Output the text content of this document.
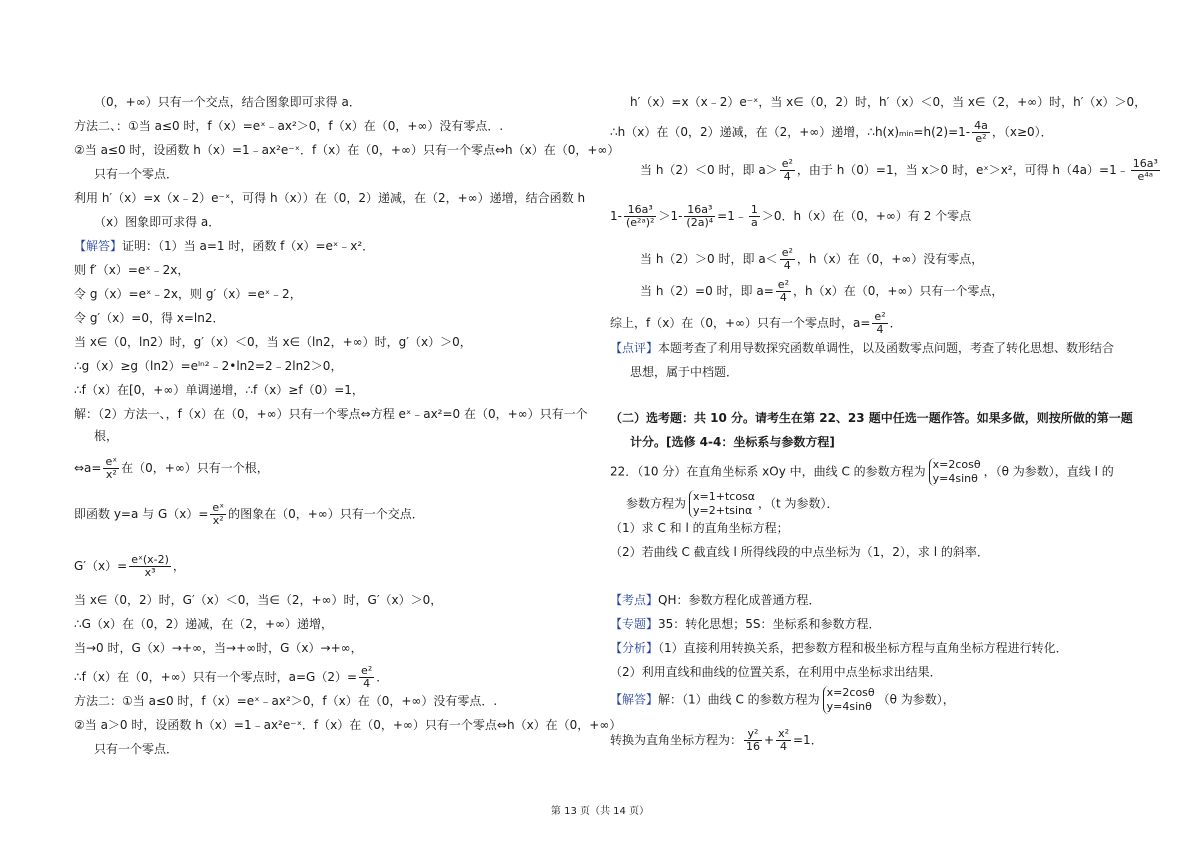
（0，+∞）只有一个交点，结合图象即可求得 a．
方法二、：①当 a≤0 时，f（x）=eˣ﹣ax²＞0，f（x）在（0，+∞）没有零点．.
②当 a≤0 时，设函数 h（x）=1﹣ax²e⁻ˣ．f（x）在（0，+∞）只有一个零点⇔h（x）在（0，+∞）
只有一个零点．
利用 h′（x）=x（x﹣2）e⁻ˣ，可得 h（x））在（0，2）递减，在（2，+∞）递增，结合函数 h
（x）图象即可求得 a．
【解答】证明：（1）当 a=1 时，函数 f（x）=eˣ﹣x²．
则 f′（x）=eˣ﹣2x，
令 g（x）=eˣ﹣2x，则 g′（x）=eˣ﹣2，
令 g′（x）=0，得 x=ln2．
当 x∈（0，ln2）时，g′（x）＜0，当 x∈（ln2，+∞）时，g′（x）＞0，
∴g（x）≥g（ln2）=eˡⁿ²﹣2•ln2=2﹣2ln2＞0，
∴f（x）在[0，+∞）单调递增，∴f（x）≥f（0）=1，
解：（2）方法一、，f（x）在（0，+∞）只有一个零点⇔方程 eˣ﹣ax²=0 在（0，+∞）只有一个
根，
⇔a= $\frac{\text{eˣ}}{\text{x²}}$ 在（0，+∞）只有一个根，
即函数 y=a 与 $G(x)= \frac{\text{eˣ}}{\text{x²}}$ 的图象在（0，+∞）只有一个交点．
$G'(x)= \frac{\text{eˣ(x-2)}}{\text{x³}}$ ，
当 x∈（0，2）时，G′（x）＜0，当∈（2，+∞）时，G′（x）＞0，
∴G（x）在（0，2）递减，在（2，+∞）递增，
当→0 时，G（x）→+∞，当→+∞时，G（x）→+∞，
∴f（x）在（0，+∞）只有一个零点时，$a=G(2)= \frac{\text{e²}}{4}$ ．
方法二：①当 a≤0 时，f（x）=eˣ﹣ax²＞0，f（x）在（0，+∞）没有零点．.
②当 a＞0 时，设函数 h（x）=1﹣ax²e⁻ˣ．f（x）在（0，+∞）只有一个零点⇔h（x）在（0，+∞）
只有一个零点．
h′（x）=x（x﹣2）e⁻ˣ，当 x∈（0，2）时，h′（x）＜0，当 x∈（2，+∞）时，h′（x）＞0，
∴h（x）在（0，2）递减，在（2，+∞）递增，∴h(x)ₘᵢₙ=h(2)=1- $\frac{4a}{\text{e²}}$ ，（x≥0）．
当 h（2）＜0 时，即 $a> \frac{\text{e²}}{4}$ ，由于 h（0）=1，当 x＞0 时，eˣ＞x²，可得 h（4a）=1﹣ $\frac{\text{16a³}}{\text{e⁴ᵃ}}$
$1- \frac{\text{16a³}}{\text{(e²ᵃ)²}} >1- \frac{\text{16a³}}{\text{(2a)⁴}}$ =1﹣ $\frac{1}{a} >0$．h（x）在（0，+∞）有 2 个零点
当 h（2）＞0 时，即 $a< \frac{\text{e²}}{4}$ ，h（x）在（0，+∞）没有零点，
当 h（2）=0 时，即 $a= \frac{\text{e²}}{4}$ ，h（x）在（0，+∞）只有一个零点，
综上，f（x）在（0，+∞）只有一个零点时，$a= \frac{\text{e²}}{4}$ ．
【点评】本题考查了利用导数探究函数单调性，以及函数零点问题，考查了转化思想、数形结合
思想，属于中档题．
（二）选考题：共 10 分。请考生在第 22、23 题中任选一题作答。如果多做，则按所做的第一题
计分。[选修 4-4：坐标系与参数方程]
22．（10 分）在直角坐标系 xOy 中，曲线 C 的参数方程为 x=2cosθ
y=4sinθ ，（θ 为参数），直线 l 的
参数方程为 x=1+tcosα
y=2+tsinα ，（t 为参数）．
（1）求 C 和 l 的直角坐标方程；
（2）若曲线 C 截直线 l 所得线段的中点坐标为（1，2），求 l 的斜率．
【考点】QH：参数方程化成普通方程．
【专题】35：转化思想；5S：坐标系和参数方程．
【分析】（1）直接利用转换关系，把参数方程和极坐标方程与直角坐标方程进行转化．
（2）利用直线和曲线的位置关系，在利用中点坐标求出结果．
【解答】解：（1）曲线 C 的参数方程为 x=2cosθ
y=4sinθ （θ 为参数），
转换为直角坐标方程为： $\frac{\text{y²}}{16} + \frac{\text{x²}}{4} =1$．
第 13 页（共 14 页）
